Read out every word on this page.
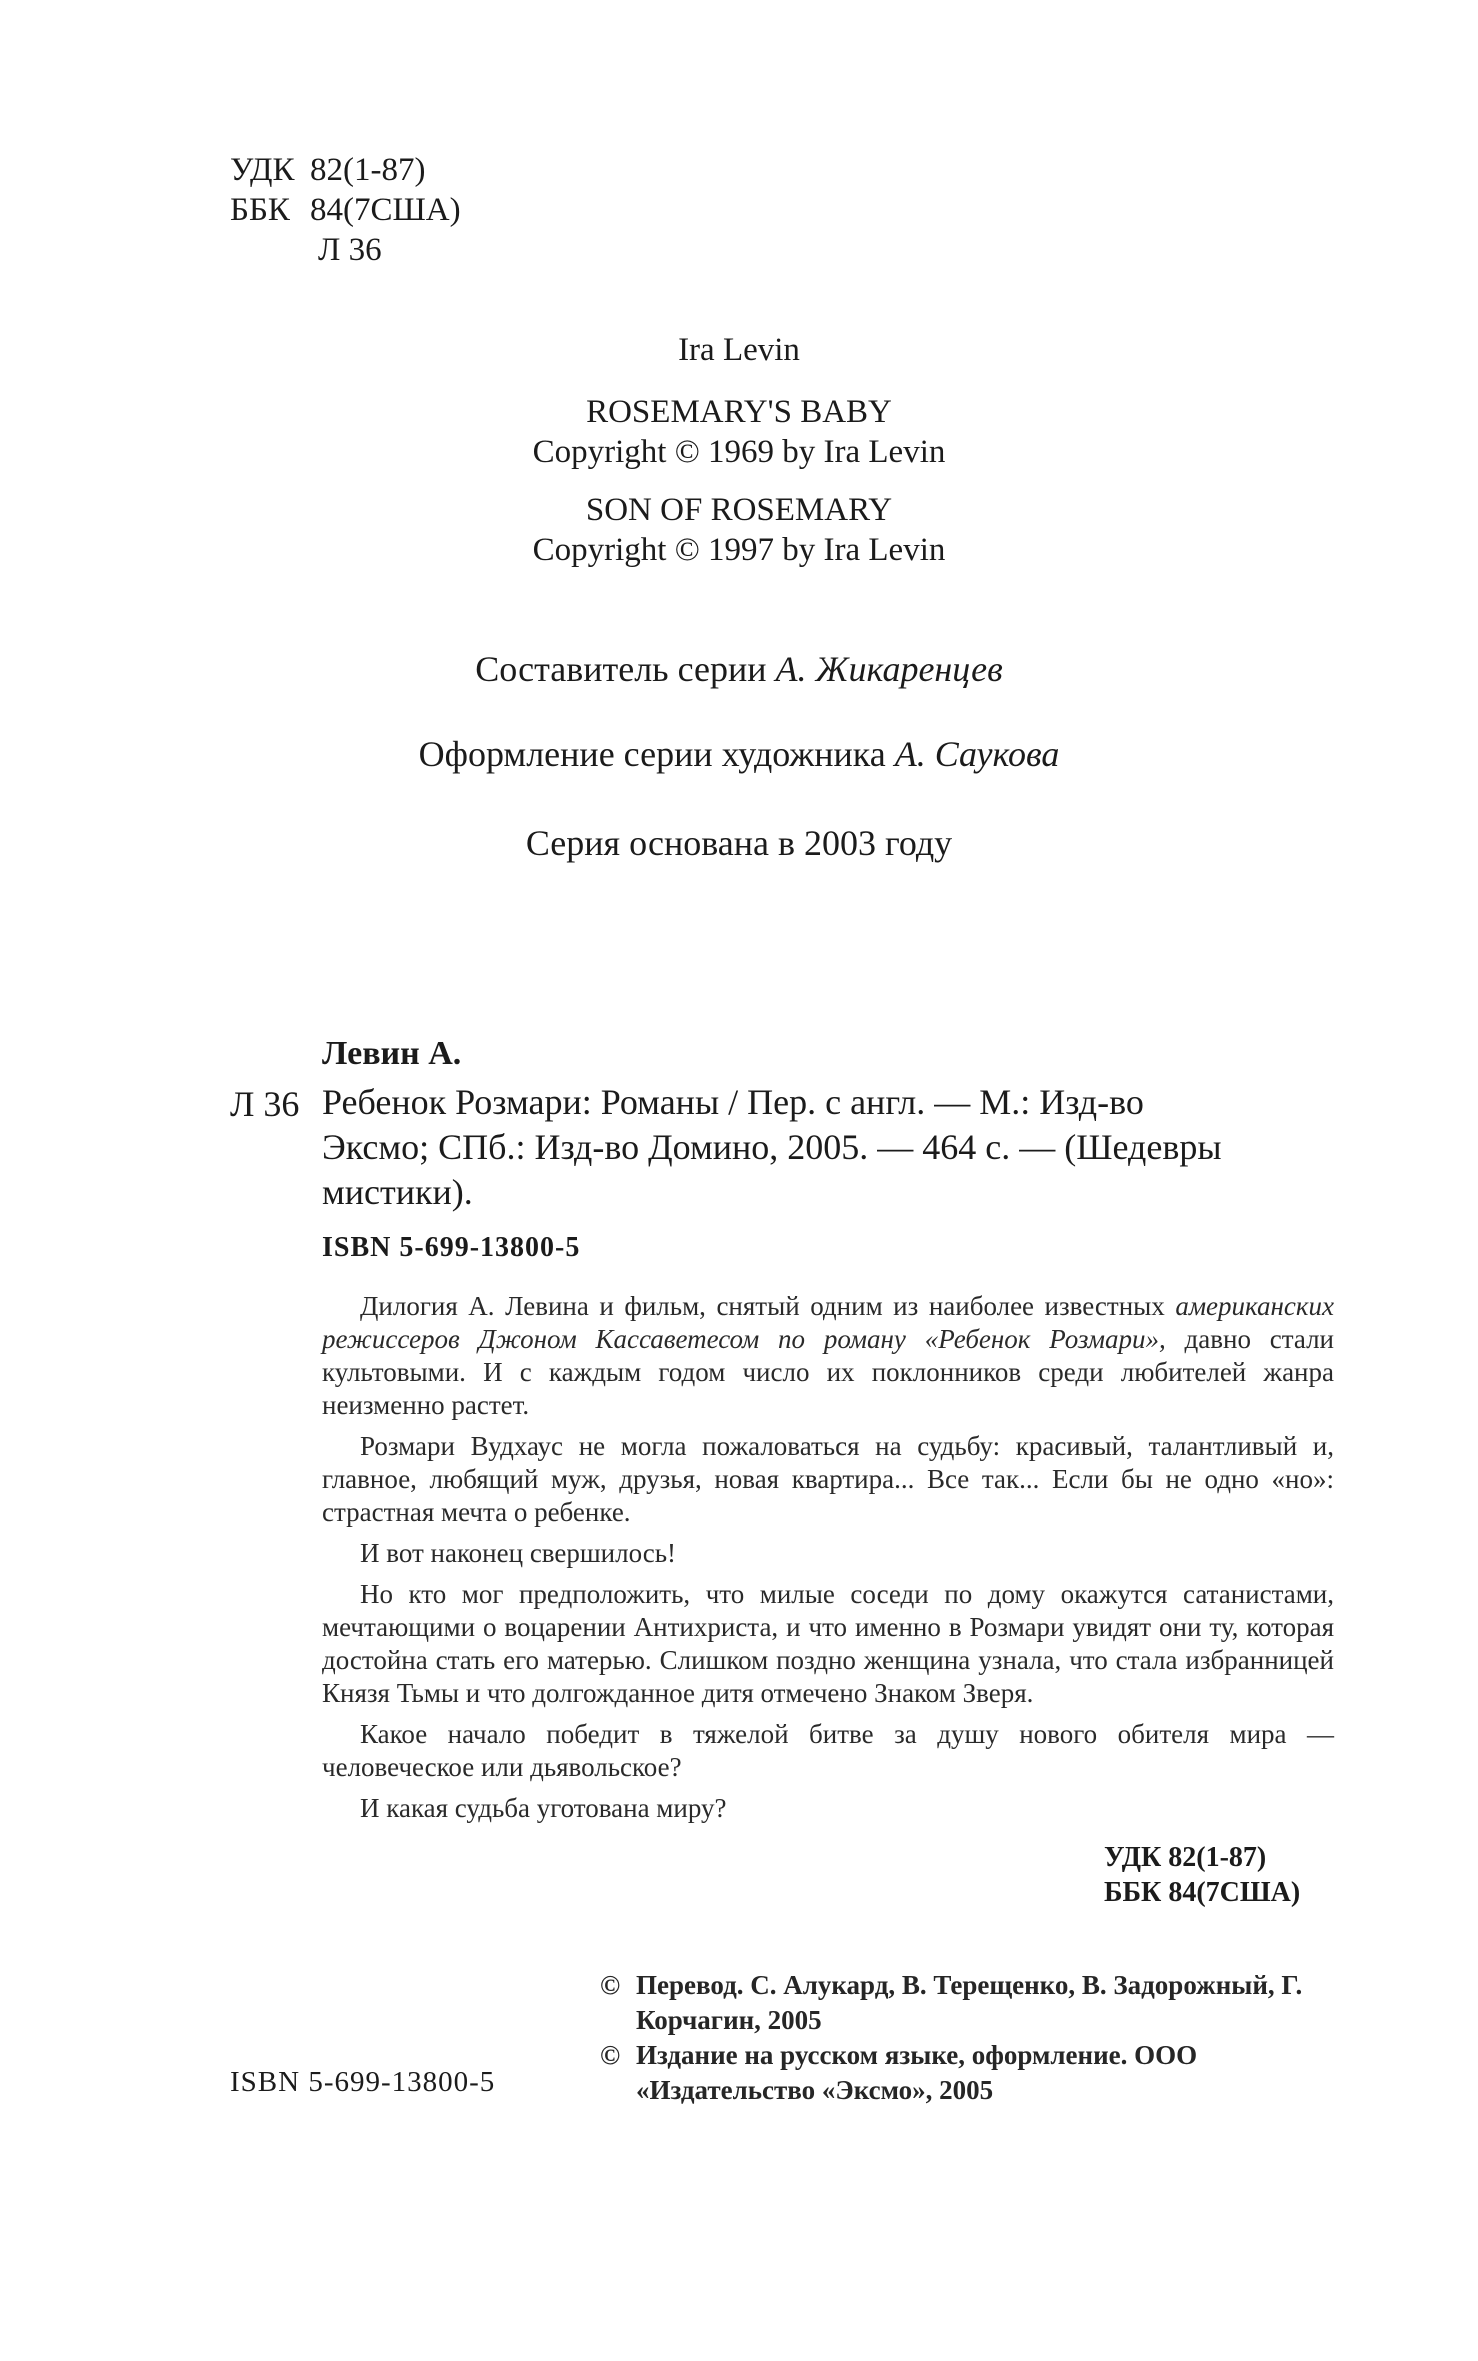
УДК 82(1-87)
ББК 84(7США)
Л 36
Ira Levin
ROSEMARY'S BABY
Copyright © 1969 by Ira Levin
SON OF ROSEMARY
Copyright © 1997 by Ira Levin
Составитель серии А. Жикаренцев
Оформление серии художника А. Саукова
Серия основана в 2003 году
Левин А.
Л 36 Ребенок Розмари: Романы / Пер. с англ. — М.: Изд-во
Эксмо; СПб.: Изд-во Домино, 2005. — 464 с. — (Шедевры
мистики).
ISBN 5-699-13800-5

Дилогия А. Левина и фильм, снятый одним из наиболее известных американских режиссеров Джоном Кассаветесом по роману «Ребенок Розмари», давно стали культовыми. И с каждым годом число их поклонников среди любителей жанра неизменно растет.

Розмари Вудхаус не могла пожаловаться на судьбу: красивый, талантливый и, главное, любящий муж, друзья, новая квартира... Все так... Если бы не одно «но»: страстная мечта о ребенке.

И вот наконец свершилось!

Но кто мог предположить, что милые соседи по дому окажутся сатанистами, мечтающими о воцарении Антихриста, и что именно в Розмари увидят они ту, которая достойна стать его матерью. Слишком поздно женщина узнала, что стала избранницей Князя Тьмы и что долгожданное дитя отмечено Знаком Зверя.

Какое начало победит в тяжелой битве за душу нового обителя мира — человеческое или дьявольское?

И какая судьба уготована миру?

УДК 82(1-87)
ББК 84(7США)
© Перевод. С. Алукард, В. Терещенко, В. Задорожный, Г. Корчагин, 2005
© Издание на русском языке, оформление. ООО «Издательство «Эксмо», 2005
ISBN 5-699-13800-5
